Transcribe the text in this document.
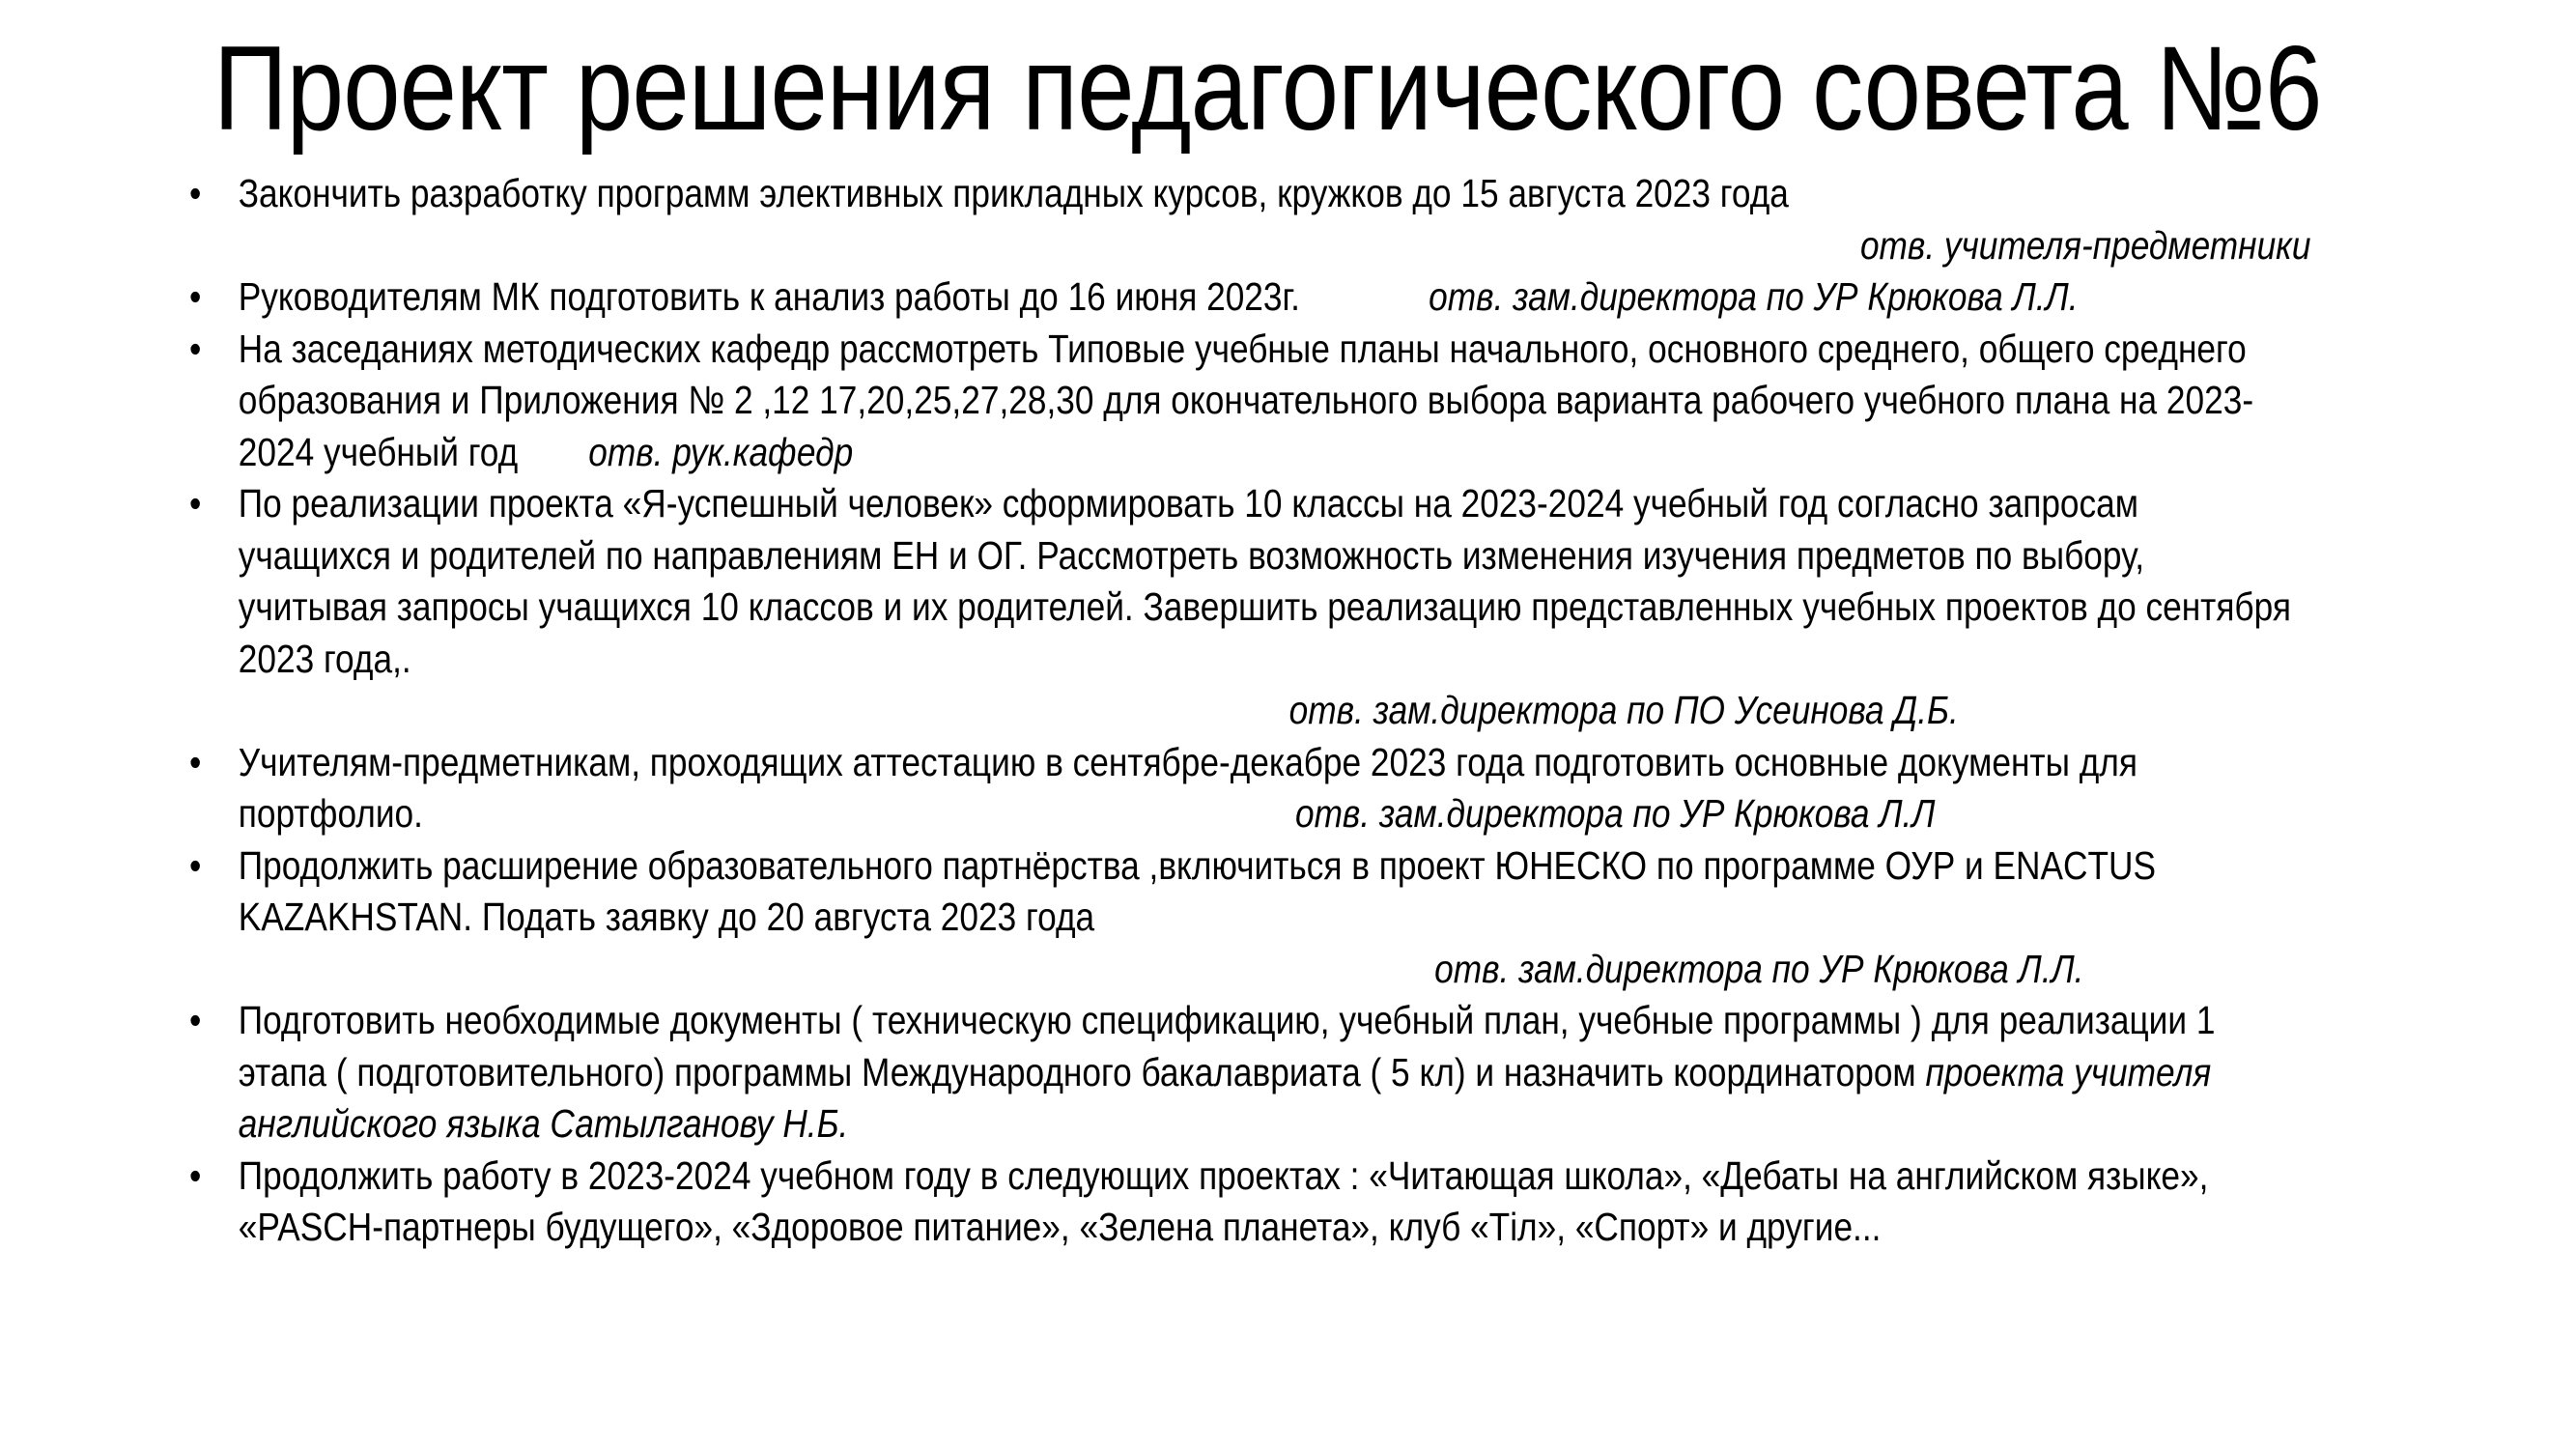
Проект решения педагогического совета №6
• Закончить разработку программ элективных прикладных курсов, кружков до 15 августа 2023 года
отв. учителя-предметники
• Руководителям МК подготовить к анализ работы до 16 июня 2023г.	отв. зам.директора по УР Крюкова Л.Л.
• На заседаниях методических кафедр рассмотреть Типовые учебные планы начального, основного среднего, общего среднего
образования и Приложения № 2 ,12 17,20,25,27,28,30 для окончательного выбора варианта рабочего учебного плана на 2023-
2024 учебный год отв. рук.кафедр
• По реализации проекта «Я-успешный человек» сформировать 10 классы на 2023-2024 учебный год согласно запросам
учащихся и родителей по направлениям ЕН и ОГ. Рассмотреть возможность изменения изучения предметов по выбору,
учитывая запросы учащихся 10 классов и их родителей. Завершить реализацию представленных учебных проектов до сентября
2023 года,.
отв. зам.директора по ПО Усеинова Д.Б.
• Учителям-предметникам, проходящих аттестацию в сентябре-декабре 2023 года подготовить основные документы для
портфолио.	отв. зам.директора по УР Крюкова Л.Л
• Продолжить расширение образовательного партнёрства ,включиться в проект ЮНЕСКО по программе ОУР и ENACTUS
KAZAKHSTAN. Подать заявку до 20 августа 2023 года
отв. зам.директора по УР Крюкова Л.Л.
• Подготовить необходимые документы ( техническую спецификацию, учебный план, учебные программы ) для реализации 1
этапа ( подготовительного) программы Международного бакалавриата ( 5 кл) и назначить координатором проекта учителя
английского языка Сатылганову Н.Б.
• Продолжить работу в 2023-2024 учебном году в следующих проектах : «Читающая школа», «Дебаты на английском языке»,
«PASCH-партнеры будущего», «Здоровое питание», «Зелена планета», клуб «Тіл», «Спорт» и другие...
